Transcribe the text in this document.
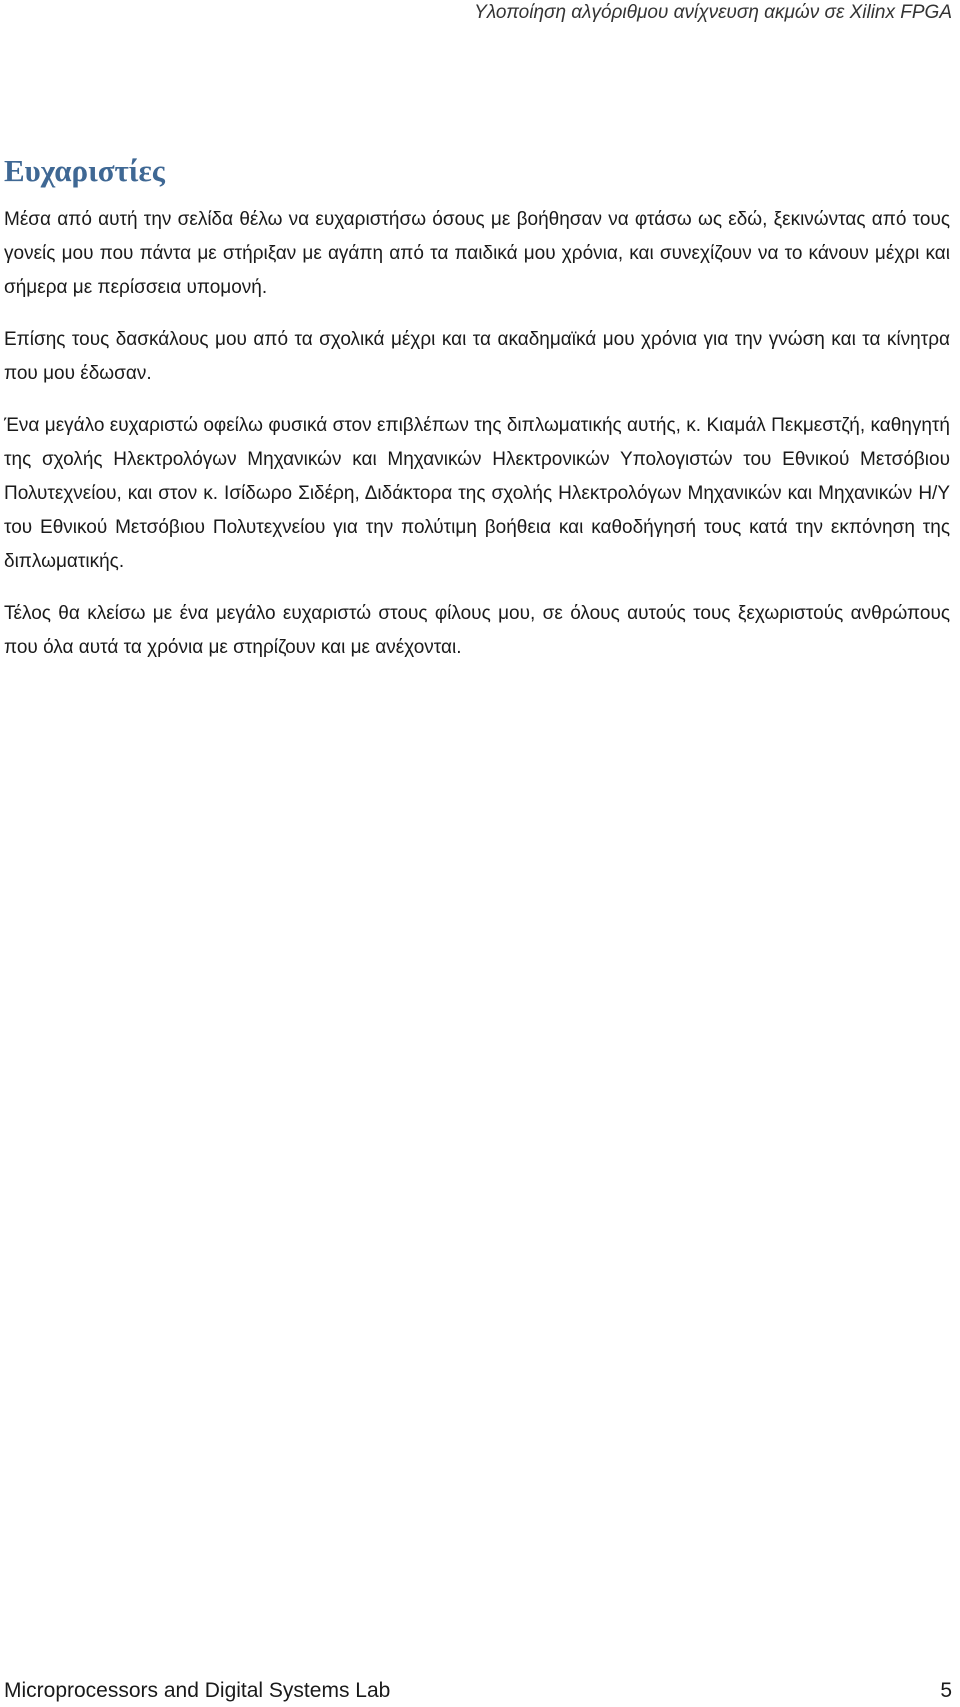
Υλοποίηση αλγόριθμου ανίχνευση ακμών σε Xilinx FPGA
Ευχαριστίες

Μέσα από αυτή την σελίδα θέλω να ευχαριστήσω όσους με βοήθησαν να φτάσω ως εδώ, ξεκινώντας από τους γονείς μου που πάντα με στήριξαν με αγάπη από τα παιδικά μου χρόνια, και συνεχίζουν να το κάνουν μέχρι και σήμερα με περίσσεια υπομονή.

Επίσης τους δασκάλους μου από τα σχολικά μέχρι και τα ακαδημαϊκά μου χρόνια για την γνώση και τα κίνητρα που μου έδωσαν.

Ένα μεγάλο ευχαριστώ οφείλω φυσικά στον επιβλέπων της διπλωματικής αυτής, κ. Κιαμάλ Πεκμεστζή, καθηγητή της σχολής Ηλεκτρολόγων Μηχανικών και Μηχανικών Ηλεκτρονικών Υπολογιστών του Εθνικού Μετσόβιου Πολυτεχνείου, και στον κ. Ισίδωρο Σιδέρη, Διδάκτορα της σχολής Ηλεκτρολόγων Μηχανικών και Μηχανικών Η/Υ του Εθνικού Μετσόβιου Πολυτεχνείου για την πολύτιμη βοήθεια και καθοδήγησή τους κατά την εκπόνηση της διπλωματικής.

Τέλος θα κλείσω με ένα μεγάλο ευχαριστώ στους φίλους μου, σε όλους αυτούς τους ξεχωριστούς ανθρώπους που όλα αυτά τα χρόνια με στηρίζουν και με ανέχονται.

Microprocessors and Digital Systems Lab	5
